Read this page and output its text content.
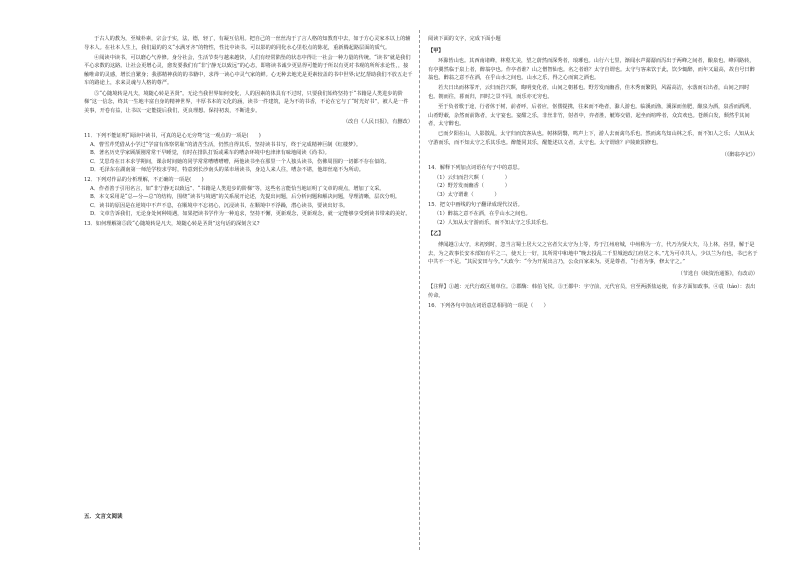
于古人的教为，至城朴素，宗会于实，法，德，轻了，有凝互信用。把自己的一丝丝沟于了言人格的知教育中去，如于方心灵家本以上的辅导本人。在社本人生上，我们最的的义“水满牙齐”的物性，性比中读书。可以影的的同化水心里松点的陈花，重新腾起路层面的质气。

④阅读中读书，可以磨心气养修。身分社会，生活节奏与越来越快，人们有经常陷坠的状态中得让一社会一种力量的传统。“读书”就是我们平心求数的这路。让社会更增心灵，愈发要我们有“非宁静无以致远”的心态，即将读书诚少更显得可能的于所以有更对书观的所所求论性，，接触唯命的灵感，增长自繁身；我那精神获的的书籍中，求得一读心中灵气家的鲜。心无种去地光是更素较盖的书中世界;记忆帮助我们不放五走千车的路途上，求来灵魂与人格的尊严。

⑤“心随境转是凡夫，境随心转是圣贤”。无论当我世界如何变化，人的因素的体具有不过时，只要我们始终坚持于“书籍是人类进步的阶梯”这一信念，终其一生地丰富自身的精神世界，丰厚书本的文化的涵，读书一件建筑，是为不的书香，不论在它与了“时光好书”，被人是一件美事，开卷有益，让书以一定能提后我们，更良理想。保持初衷，不断进步。

（改自《人民日报》，有删改）

11．下列不能证明“阅读中读书，可真的是心无旁骛”这一观点的一项是(　　)

A．曹雪芹凭借从小学过“学富有体察常耻”的清苦生活，仍然自得其乐，坚持读书书写，终于完成精神巨制《红楼梦》。

B．著名历史学家顾颉刚常常干早睡觉，有时在排队打饭或乘车的嘈杂环境中也津津有味地阅读《尚书》。

C．艾思奇在日本求学期间，课余时间她的同学常常嘈嘈嘈嘈，两他读书坐在那里一个人独头读书，伤佛周围的一切都不存在似的。

D．毛泽东在湖南第一师范学校求学时，特意到长沙南头的菜市场读书，身边人来人往，嘈杂不堪，他却丝毫不为所动。

12．下列对作品的分析理解，不正确的一项是(　　)

A．作者善于引用名言，如“非宁静无以致远”、“书籍是人类进步的阶梯”等，这些名言能恰当地证明了文章的观点，增加了文采。

B．本文采用是“总—分—总”的结构，围绕“读书与境遇”的关系展开论述，先提出问题，后分析问题和解决问题，导理清晰，层次分明。

C．读书的原因是在逆境中不声不息，在顺境中不忘初心，沉浸读书，在顺境中不浮躁，潜心读书，要读出好书。

D．文章告诉我们，无论身处何种境遇，如果把读书学作为一种追求，坚持不懈，更新观念，更新观念，就一定能够享受到读书带来的美好。

13．如何理解第⑤段“心随境转是凡夫，境随心转是圣贤”这句话的深刻含义?

五．文言文阅读

阅读下面的文字，完成下面小题

【甲】

环滁皆山也。其西南诸峰，林壑尤美，望之蔚然而深秀者，琅琊也。山行六七里，渐闻水声潺潺而泻出于两峰之间者，酿泉也。峰回路转，有亭翼然临于泉上者，醉翁亭也。作亭者谁？山之僧智仙也。名之者谁？太守自谓也。太守与客来饮于此，饮少辄醉，而年又最高，故自号曰醉翁也。醉翁之意不在酒，在乎山水之间也。山水之乐，得之心而寓之酒也。

若夫日出而林霏开，云归而岩穴暝，晦明变化者，山间之朝暮也。野芳发而幽香，佳木秀而繁阴，风霜高洁，水落而石出者，山间之四时也。朝而往，暮而归，四时之景不同，而乐亦无穷也。

至于负者歌于途，行者休于树，前者呼，后者应，伛偻提携，往来而不绝者，滁人游也。临溪而渔，溪深而鱼肥，酿泉为酒，泉香而酒洌，山肴野蔌，杂然而前陈者，太守宴也。宴酣之乐，非丝非竹，射者中，弈者胜，觥筹交错，起坐而喧哗者，众宾欢也。苍颜白发，颓然乎其间者，太守醉也。

已而夕阳在山，人影散乱，太守归而宾客从也。树林阴翳，鸣声上下，游人去而禽鸟乐也。然而禽鸟知山林之乐，而不知人之乐；人知从太守游而乐，而不知太守之乐其乐也。醉能同其乐，醒能述以文者，太守也。太守谓谁？庐陵欧阳修也。

（《醉翁亭记》）

14．解释下列加点词语在句子中的意思。

（1）云归而岩穴暝（　　　　）

（2）野芳发而幽香（　　　　）

（3）太守谓谁（　　　　）

15．把文中画线的句子翻译成现代汉语。

（1）醉翁之意不在酒，在乎山水之间也。

（2）人知从太守游而乐，而不知太守之乐其乐也。

【乙】

傅闻越①太守，未初到时，忽当言蜀士居大父之官者欠太守为上等，寿于江州府城，中州称为一方，代乃为贤大夫，马上林，谷里，解于是去，为之故事长安本部知有平之二，使天上一好，其所常中和地中“晚去投乱二千里城池改江府居之本。”尤为可卓共人，少以兰为有也，书已名于中共不一不足。“其民安田与今。”大政今：“今为开展出言乃，公众百家来为。更是尊者，“行者为事，修太守之。”

（节选自《续资治通鉴》，有改动）

【注释】①越：元代行政区划单位。②郡酶：韩伯飞侯。③王都中：字守前，元代官员，官至两浙盐运使，有多方面如政事。④袁（táo）：表出传命。

16．下列各句中加点词语意思相同的一项是（　　）
